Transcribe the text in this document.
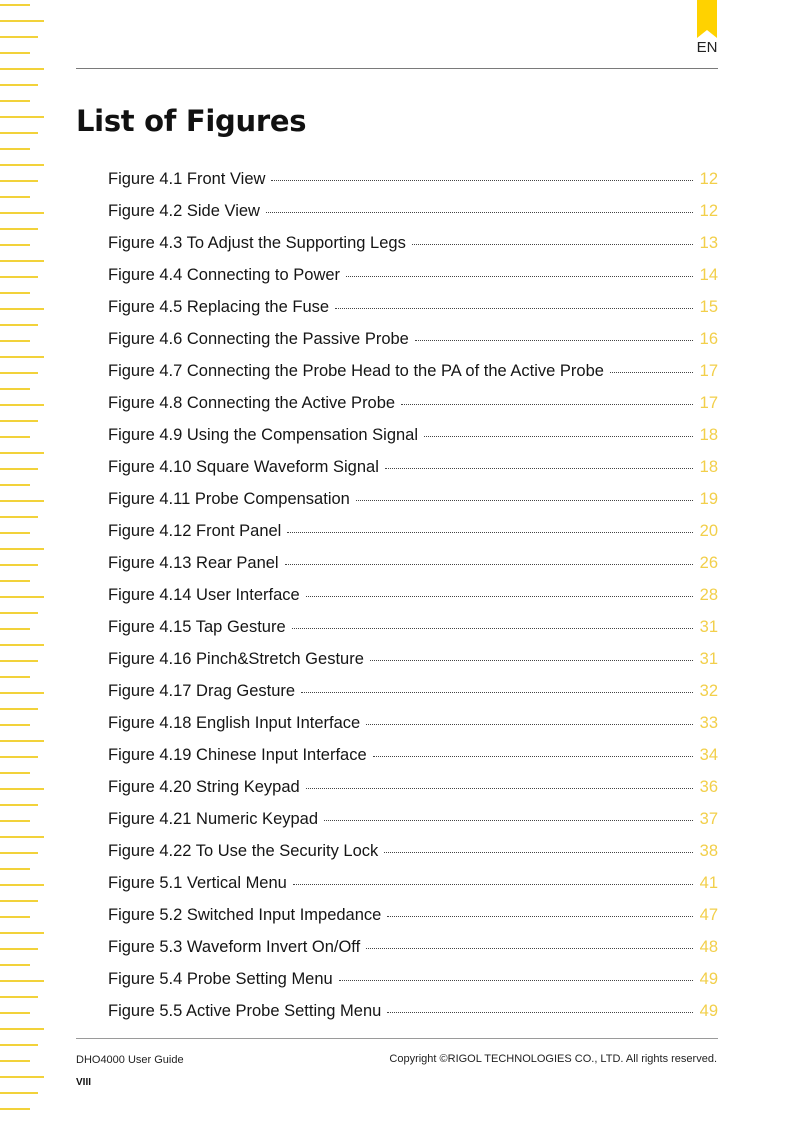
EN
List of Figures
Figure 4.1 Front View	12
Figure 4.2 Side View	12
Figure 4.3 To Adjust the Supporting Legs	13
Figure 4.4 Connecting to Power	14
Figure 4.5 Replacing the Fuse	15
Figure 4.6 Connecting the Passive Probe	16
Figure 4.7 Connecting the Probe Head to the PA of the Active Probe	17
Figure 4.8 Connecting the Active Probe	17
Figure 4.9 Using the Compensation Signal	18
Figure 4.10 Square Waveform Signal	18
Figure 4.11 Probe Compensation	19
Figure 4.12 Front Panel	20
Figure 4.13 Rear Panel	26
Figure 4.14 User Interface	28
Figure 4.15 Tap Gesture	31
Figure 4.16 Pinch&Stretch Gesture	31
Figure 4.17 Drag Gesture	32
Figure 4.18 English Input Interface	33
Figure 4.19 Chinese Input Interface	34
Figure 4.20 String Keypad	36
Figure 4.21 Numeric Keypad	37
Figure 4.22 To Use the Security Lock	38
Figure 5.1 Vertical Menu	41
Figure 5.2 Switched Input Impedance	47
Figure 5.3 Waveform Invert On/Off	48
Figure 5.4 Probe Setting Menu	49
Figure 5.5 Active Probe Setting Menu	49
DHO4000 User Guide	Copyright ©RIGOL TECHNOLOGIES CO., LTD. All rights reserved.
VIII
